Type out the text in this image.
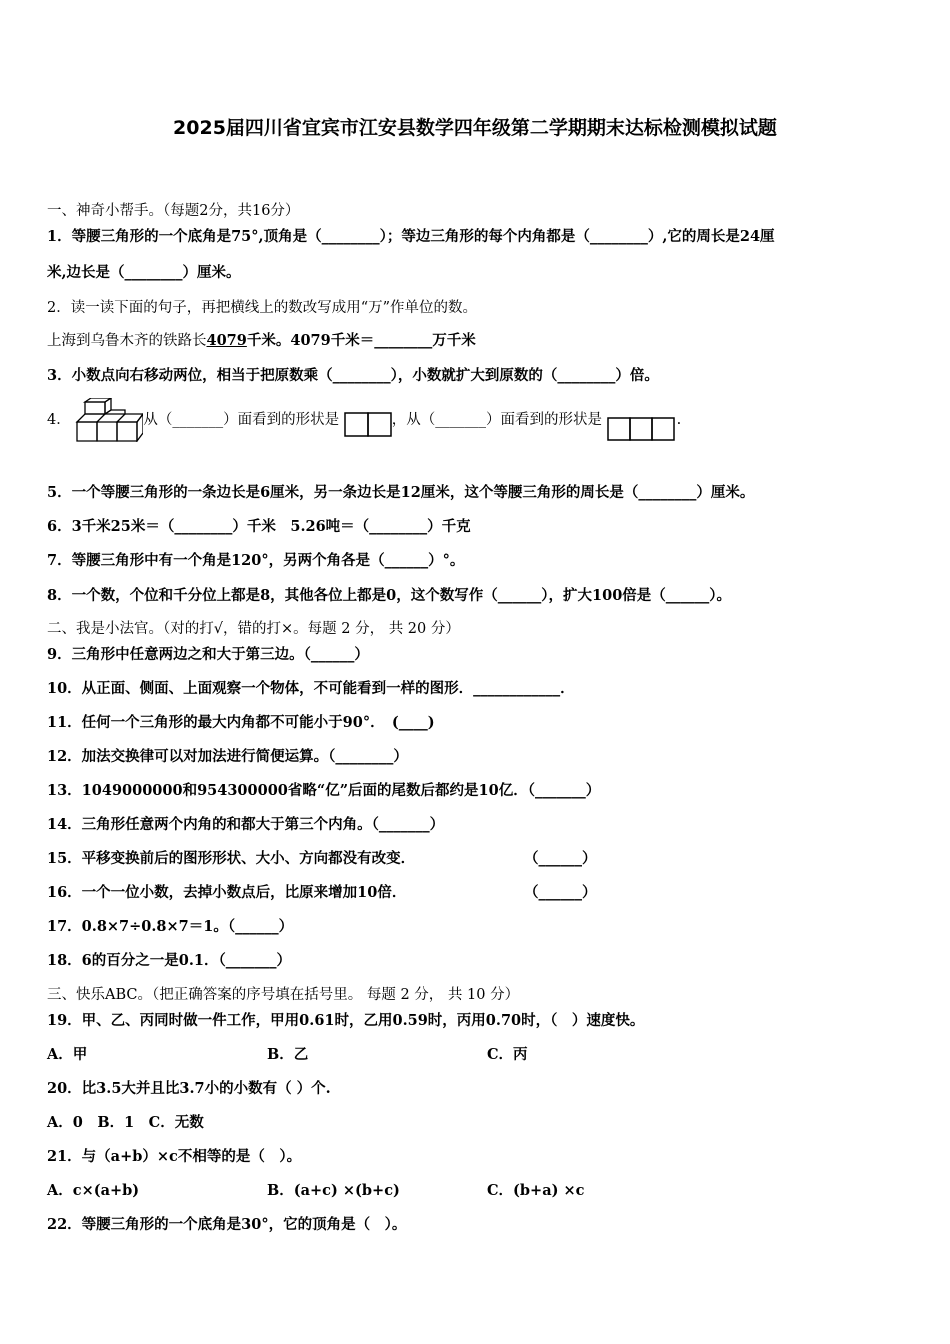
2025届四川省宜宾市江安县数学四年级第二学期期末达标检测模拟试题
一、神奇小帮手。（每题2分，共16分）
1．等腰三角形的一个底角是75°,顶角是（________）；等边三角形的每个内角都是（________）,它的周长是24厘
米,边长是（________）厘米。
2．读一读下面的句子，再把横线上的数改写成用“万”作单位的数。
上海到乌鲁木齐的铁路长4079千米。4079千米＝________万千米
3．小数点向右移动两位，相当于把原数乘（________），小数就扩大到原数的（________）倍。
4．	从（_______）面看到的形状是	，从（_______）面看到的形状是	.
5．一个等腰三角形的一条边长是6厘米，另一条边长是12厘米，这个等腰三角形的周长是（________）厘米。
6．3千米25米＝（________）千米　5.26吨＝（________）千克
7．等腰三角形中有一个角是120°，另两个角各是（______）°。
8．一个数，个位和千分位上都是8，其他各位上都是0，这个数写作（______），扩大100倍是（______）。
二、我是小法官。（对的打√，错的打×。每题 2 分， 共 20 分）
9．三角形中任意两边之和大于第三边。（______）
10．从正面、侧面、上面观察一个物体，不可能看到一样的图形．____________．
11．任何一个三角形的最大内角都不可能小于90°．　(____)
12．加法交换律可以对加法进行简便运算。（________）
13．1049000000和954300000省略“亿”后面的尾数后都约是10亿．（_______）
14．三角形任意两个内角的和都大于第三个内角。（_______）
15．平移变换前后的图形形状、大小、方向都没有改变．	（______）
16．一个一位小数，去掉小数点后，比原来增加10倍．	（______）
17．0.8×7÷0.8×7＝1。（______）
18．6的百分之一是0.1．（_______）
三、快乐ABC。（把正确答案的序号填在括号里。 每题 2 分， 共 10 分）
19．甲、乙、丙同时做一件工作，甲用0.61时，乙用0.59时，丙用0.70时，（　）速度快。
A．甲	B．乙	C．丙
20．比3.5大并且比3.7小的小数有（ ）个.
A．0　B．1　C．无数
21．与（a+b）×c不相等的是（　）。
A．c×(a+b)	B．(a+c) ×(b+c)	C．(b+a) ×c
22．等腰三角形的一个底角是30°，它的顶角是（　）。
